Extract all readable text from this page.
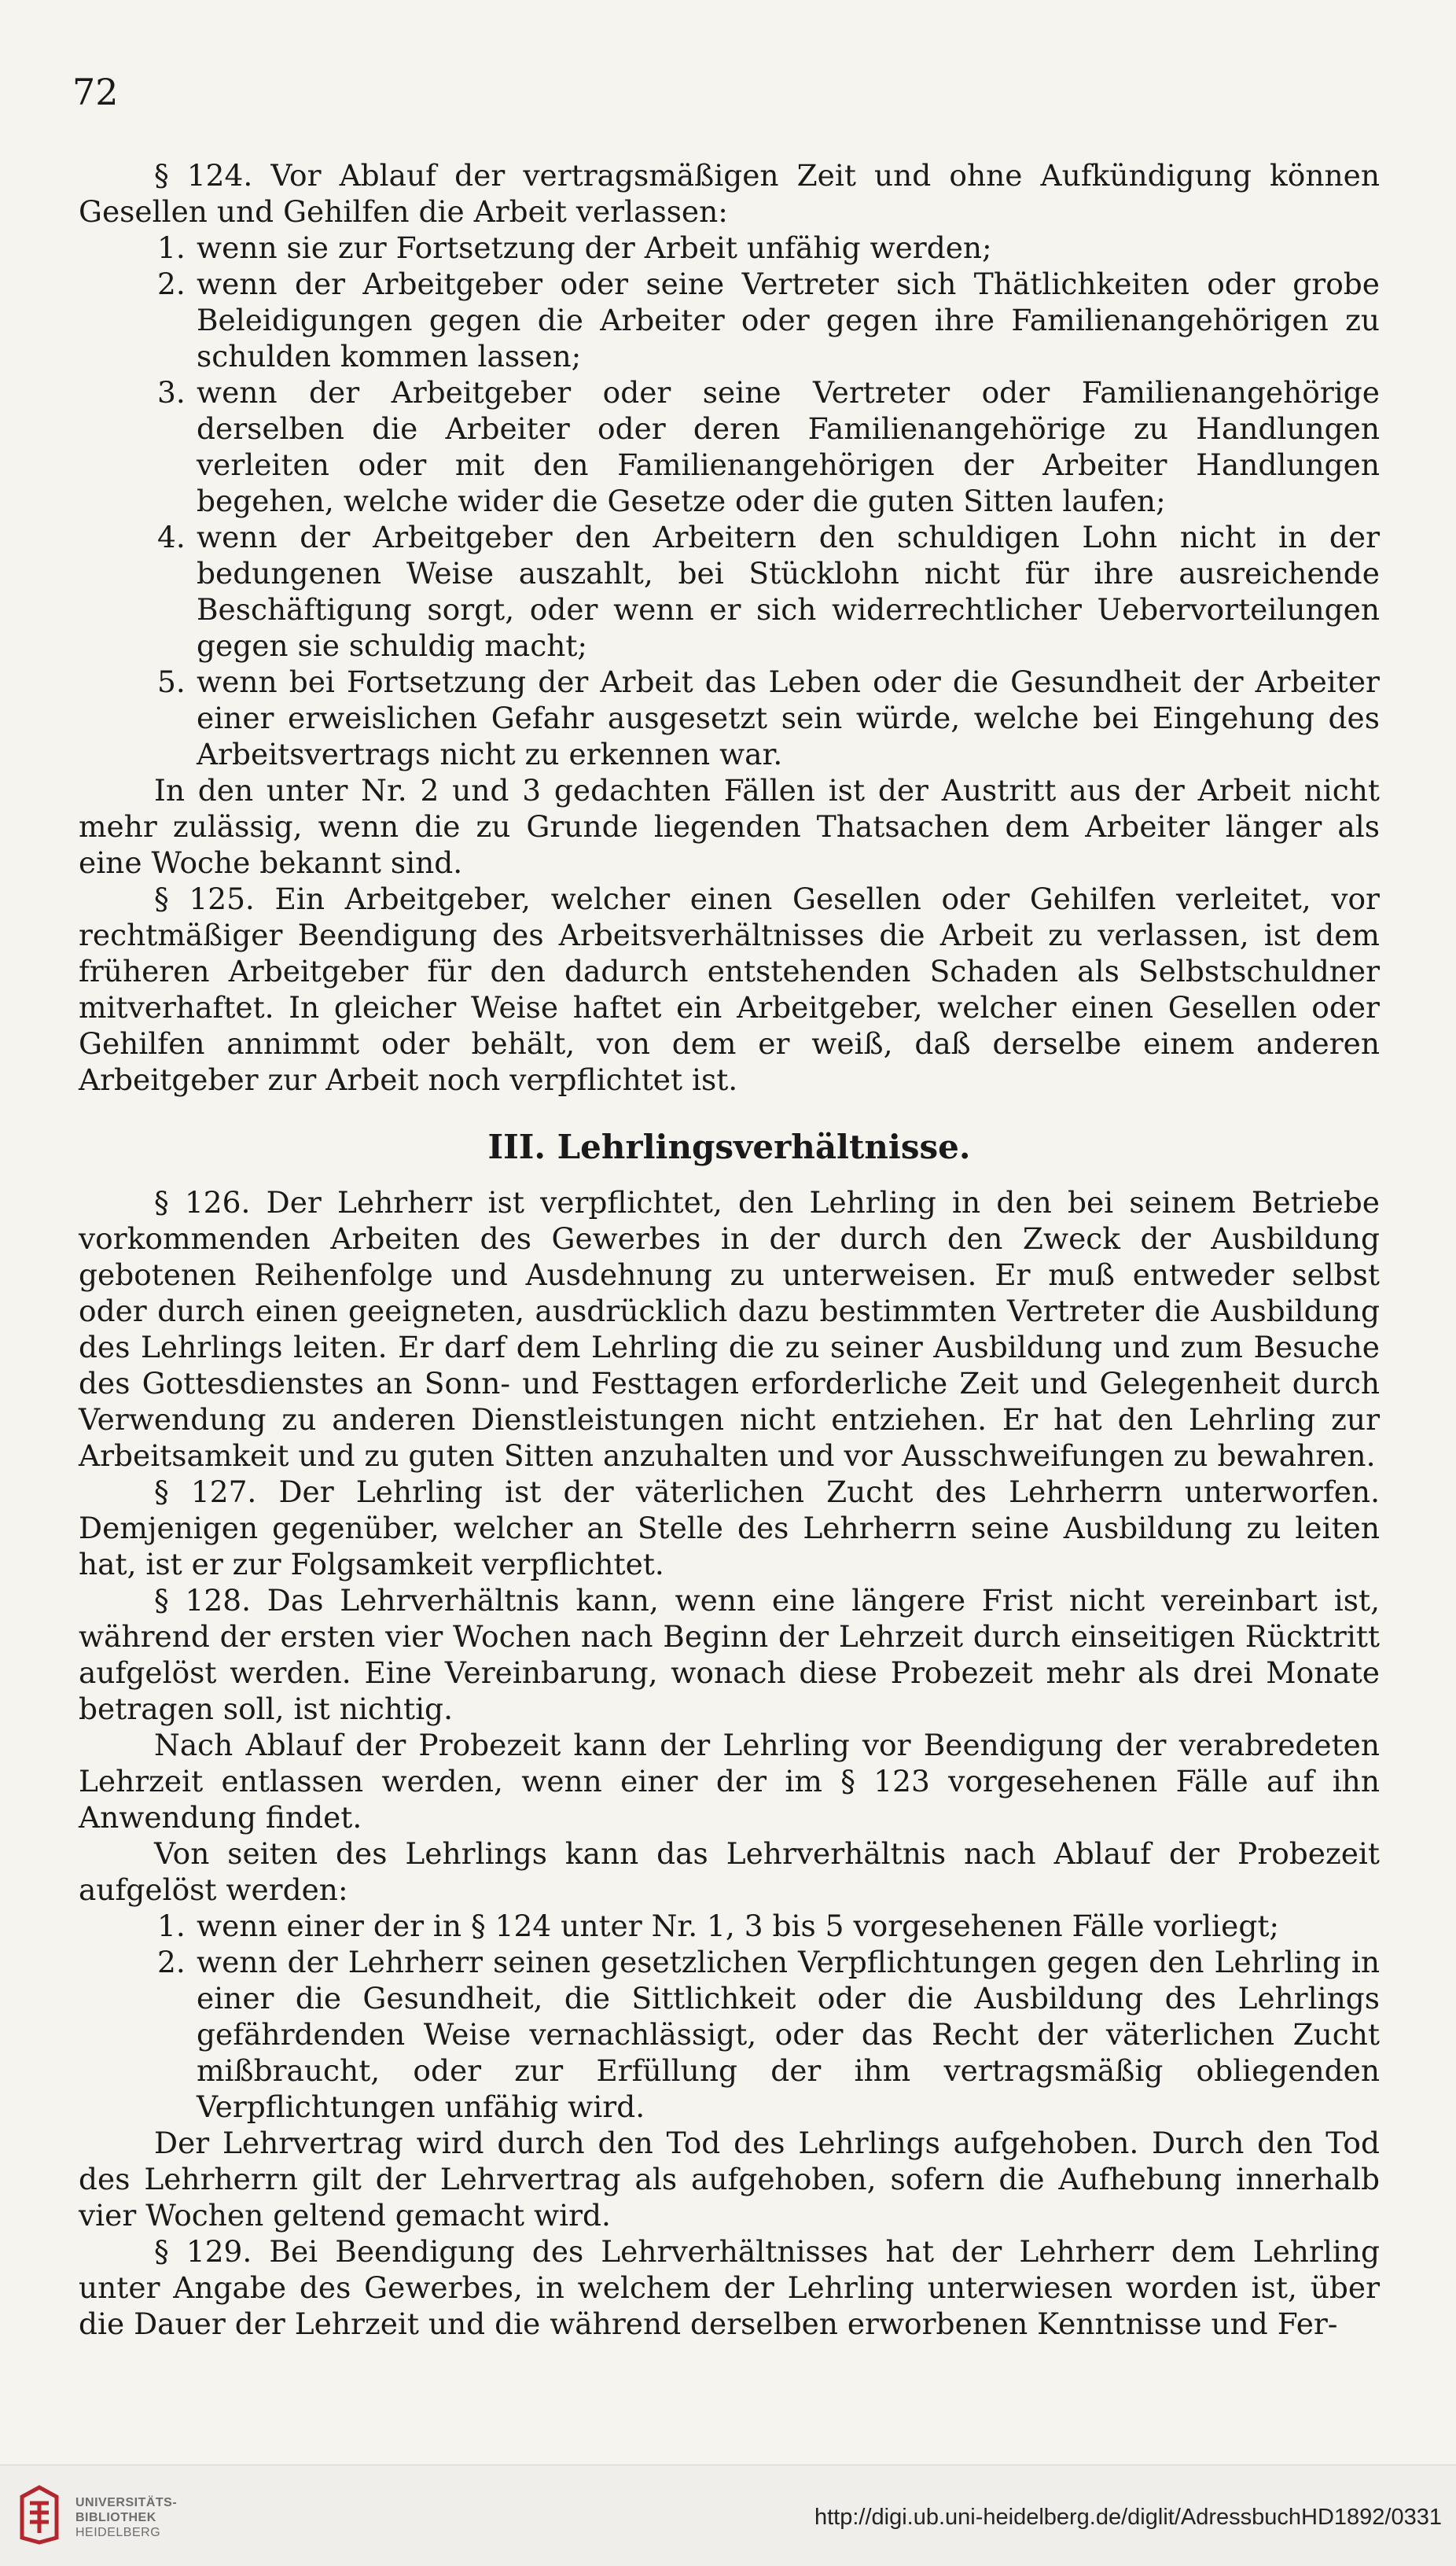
72

§ 124. Vor Ablauf der vertragsmäßigen Zeit und ohne Aufkündigung können Gesellen und Gehilfen die Arbeit verlassen:

1. wenn sie zur Fortsetzung der Arbeit unfähig werden;

2. wenn der Arbeitgeber oder seine Vertreter sich Thätlichkeiten oder grobe Beleidigungen gegen die Arbeiter oder gegen ihre Familienangehörigen zu schulden kommen lassen;

3. wenn der Arbeitgeber oder seine Vertreter oder Familienangehörige derselben die Arbeiter oder deren Familienangehörige zu Handlungen verleiten oder mit den Familienangehörigen der Arbeiter Handlungen begehen, welche wider die Gesetze oder die guten Sitten laufen;

4. wenn der Arbeitgeber den Arbeitern den schuldigen Lohn nicht in der bedungenen Weise auszahlt, bei Stücklohn nicht für ihre ausreichende Beschäftigung sorgt, oder wenn er sich widerrechtlicher Uebervorteilungen gegen sie schuldig macht;

5. wenn bei Fortsetzung der Arbeit das Leben oder die Gesundheit der Arbeiter einer erweislichen Gefahr ausgesetzt sein würde, welche bei Eingehung des Arbeitsvertrags nicht zu erkennen war.

In den unter Nr. 2 und 3 gedachten Fällen ist der Austritt aus der Arbeit nicht mehr zulässig, wenn die zu Grunde liegenden Thatsachen dem Arbeiter länger als eine Woche bekannt sind.

§ 125. Ein Arbeitgeber, welcher einen Gesellen oder Gehilfen verleitet, vor rechtmäßiger Beendigung des Arbeitsverhältnisses die Arbeit zu verlassen, ist dem früheren Arbeitgeber für den dadurch entstehenden Schaden als Selbstschuldner mitverhaftet. In gleicher Weise haftet ein Arbeitgeber, welcher einen Gesellen oder Gehilfen annimmt oder behält, von dem er weiß, daß derselbe einem anderen Arbeitgeber zur Arbeit noch verpflichtet ist.

III. Lehrlingsverhältnisse.

§ 126. Der Lehrherr ist verpflichtet, den Lehrling in den bei seinem Betriebe vorkommenden Arbeiten des Gewerbes in der durch den Zweck der Ausbildung gebotenen Reihenfolge und Ausdehnung zu unterweisen. Er muß entweder selbst oder durch einen geeigneten, ausdrücklich dazu bestimmten Vertreter die Ausbildung des Lehrlings leiten. Er darf dem Lehrling die zu seiner Ausbildung und zum Besuche des Gottesdienstes an Sonn- und Festtagen erforderliche Zeit und Gelegenheit durch Verwendung zu anderen Dienstleistungen nicht entziehen. Er hat den Lehrling zur Arbeitsamkeit und zu guten Sitten anzuhalten und vor Ausschweifungen zu bewahren.

§ 127. Der Lehrling ist der väterlichen Zucht des Lehrherrn unterworfen. Demjenigen gegenüber, welcher an Stelle des Lehrherrn seine Ausbildung zu leiten hat, ist er zur Folgsamkeit verpflichtet.

§ 128. Das Lehrverhältnis kann, wenn eine längere Frist nicht vereinbart ist, während der ersten vier Wochen nach Beginn der Lehrzeit durch einseitigen Rücktritt aufgelöst werden. Eine Vereinbarung, wonach diese Probezeit mehr als drei Monate betragen soll, ist nichtig.

Nach Ablauf der Probezeit kann der Lehrling vor Beendigung der verabredeten Lehrzeit entlassen werden, wenn einer der im § 123 vorgesehenen Fälle auf ihn Anwendung findet.

Von seiten des Lehrlings kann das Lehrverhältnis nach Ablauf der Probezeit aufgelöst werden:

1. wenn einer der in § 124 unter Nr. 1, 3 bis 5 vorgesehenen Fälle vorliegt;

2. wenn der Lehrherr seinen gesetzlichen Verpflichtungen gegen den Lehrling in einer die Gesundheit, die Sittlichkeit oder die Ausbildung des Lehrlings gefährdenden Weise vernachlässigt, oder das Recht der väterlichen Zucht mißbraucht, oder zur Erfüllung der ihm vertragsmäßig obliegenden Verpflichtungen unfähig wird.

Der Lehrvertrag wird durch den Tod des Lehrlings aufgehoben. Durch den Tod des Lehrherrn gilt der Lehrvertrag als aufgehoben, sofern die Aufhebung innerhalb vier Wochen geltend gemacht wird.

§ 129. Bei Beendigung des Lehrverhältnisses hat der Lehrherr dem Lehrling unter Angabe des Gewerbes, in welchem der Lehrling unterwiesen worden ist, über die Dauer der Lehrzeit und die während derselben erworbenen Kenntnisse und Fer-

UNIVERSITÄTS-
BIBLIOTHEK
HEIDELBERG
http://digi.ub.uni-heidelberg.de/diglit/AdressbuchHD1892/0331
